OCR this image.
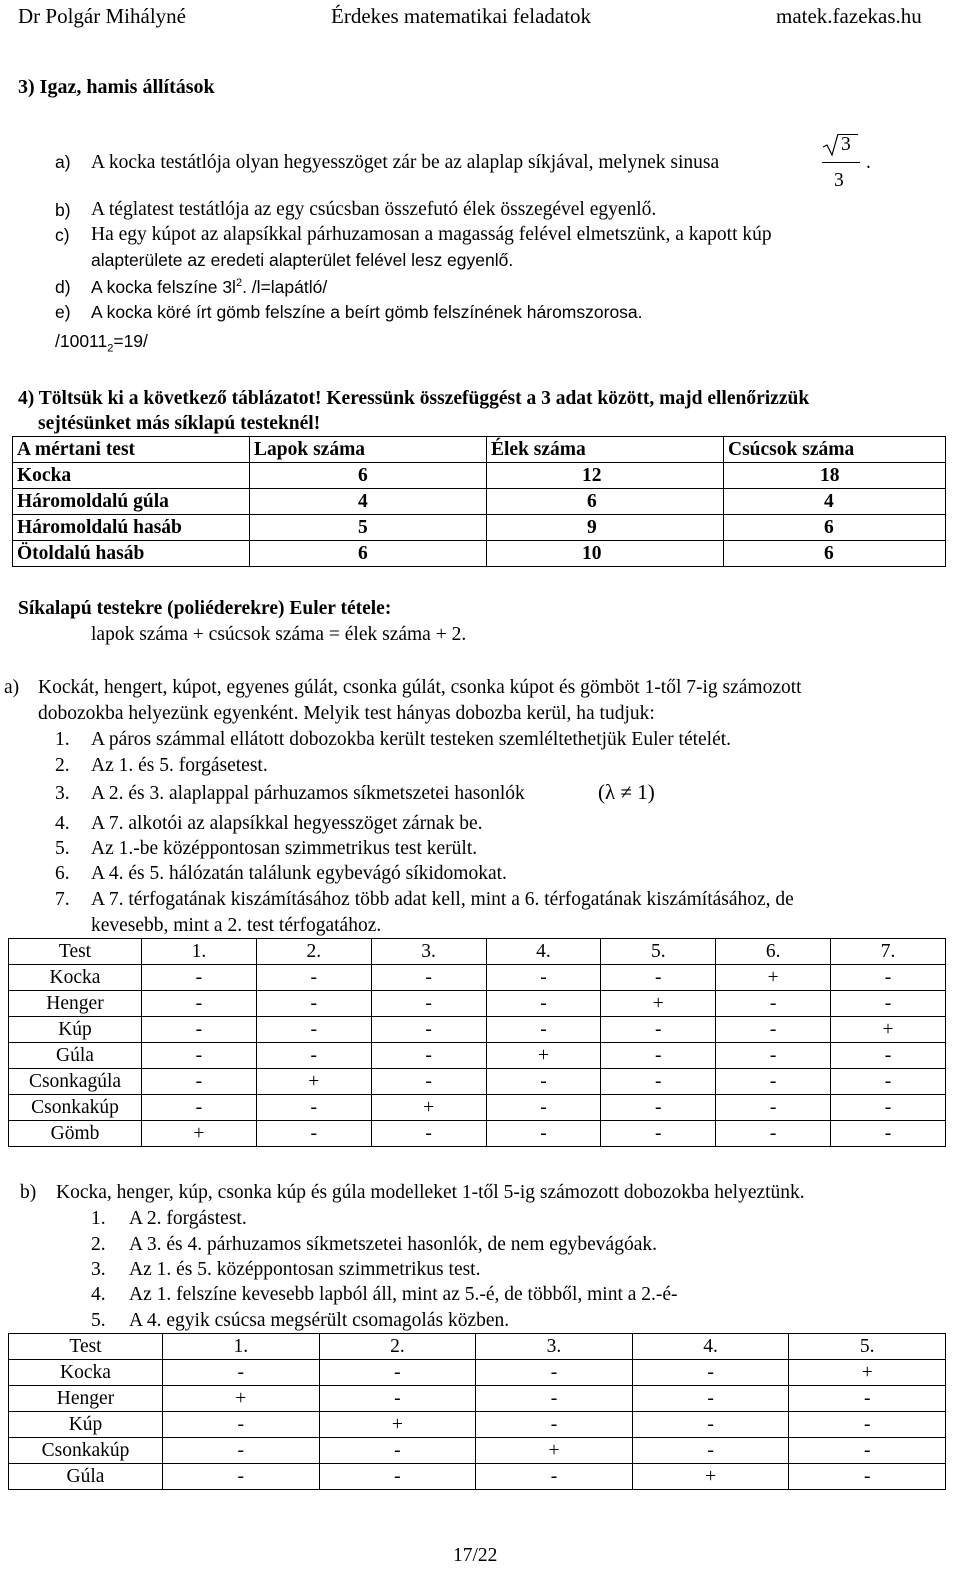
Dr Polgár Mihályné	Érdekes matematikai feladatok	matek.fazekas.hu
3) Igaz, hamis állítások
a) A kocka testátlója olyan hegyesszöget zár be az alaplap síkjával, melynek sinusa
3
3
.
b) A téglatest testátlója az egy csúcsban összefutó élek összegével egyenlő.
c) Ha egy kúpot az alapsíkkal párhuzamosan a magasság felével elmetszünk, a kapott kúp
alapterülete az eredeti alapterület felével lesz egyenlő.
d) A kocka felszíne $3l^2$. /l=lapátló/
e) A kocka köré írt gömb felszíne a beírt gömb felszínének háromszorosa.
$/10011_2=19/$
4) Töltsük ki a következő táblázatot! Keressünk összefüggést a 3 adat között, majd ellenőrizzük
sejtésünket más síklapú testeknél!
A mértani test	Lapok száma	Élek száma	Csúcsok száma
Kocka	6	12	18
Háromoldalú gúla	4	6	4
Háromoldalú hasáb	5	9	6
Ötoldalú hasáb	6	10	6
Síkalapú testekre (poliéderekre) Euler tétele:
lapok száma + csúcsok száma = élek száma + 2.
a) Kockát, hengert, kúpot, egyenes gúlát, csonka gúlát, csonka kúpot és gömböt 1-től 7-ig számozott
dobozokba helyezünk egyenként. Melyik test hányas dobozba kerül, ha tudjuk:
1. A páros számmal ellátott dobozokba került testeken szemléltethetjük Euler tételét.
2. Az 1. és 5. forgásetest.
3. A 2. és 3. alaplappal párhuzamos síkmetszetei hasonlók	(λ ≠ 1)
4. A 7. alkotói az alapsíkkal hegyesszöget zárnak be.
5. Az 1.-be középpontosan szimmetrikus test került.
6. A 4. és 5. hálózatán találunk egybevágó síkidomokat.
7. A 7. térfogatának kiszámításához több adat kell, mint a 6. térfogatának kiszámításához, de
kevesebb, mint a 2. test térfogatához.
Test	1.	2.	3.	4.	5.	6.	7.
Kocka	-	-	-	-	-	+	-
Henger	-	-	-	-	+	-	-
Kúp	-	-	-	-	-	-	+
Gúla	-	-	-	+	-	-	-
Csonkagúla	-	+	-	-	-	-	-
Csonkakúp	-	-	+	-	-	-	-
Gömb	+	-	-	-	-	-	-
b) Kocka, henger, kúp, csonka kúp és gúla modelleket 1-től 5-ig számozott dobozokba helyeztünk.
1. A 2. forgástest.
2. A 3. és 4. párhuzamos síkmetszetei hasonlók, de nem egybevágóak.
3. Az 1. és 5. középpontosan szimmetrikus test.
4. Az 1. felszíne kevesebb lapból áll, mint az 5.-é, de többől, mint a 2.-é-
5. A 4. egyik csúcsa megsérült csomagolás közben.
Test	1.	2.	3.	4.	5.
Kocka	-	-	-	-	+
Henger	+	-	-	-	-
Kúp	-	+	-	-	-
Csonkakúp	-	-	+	-	-
Gúla	-	-	-	+	-
17/22
